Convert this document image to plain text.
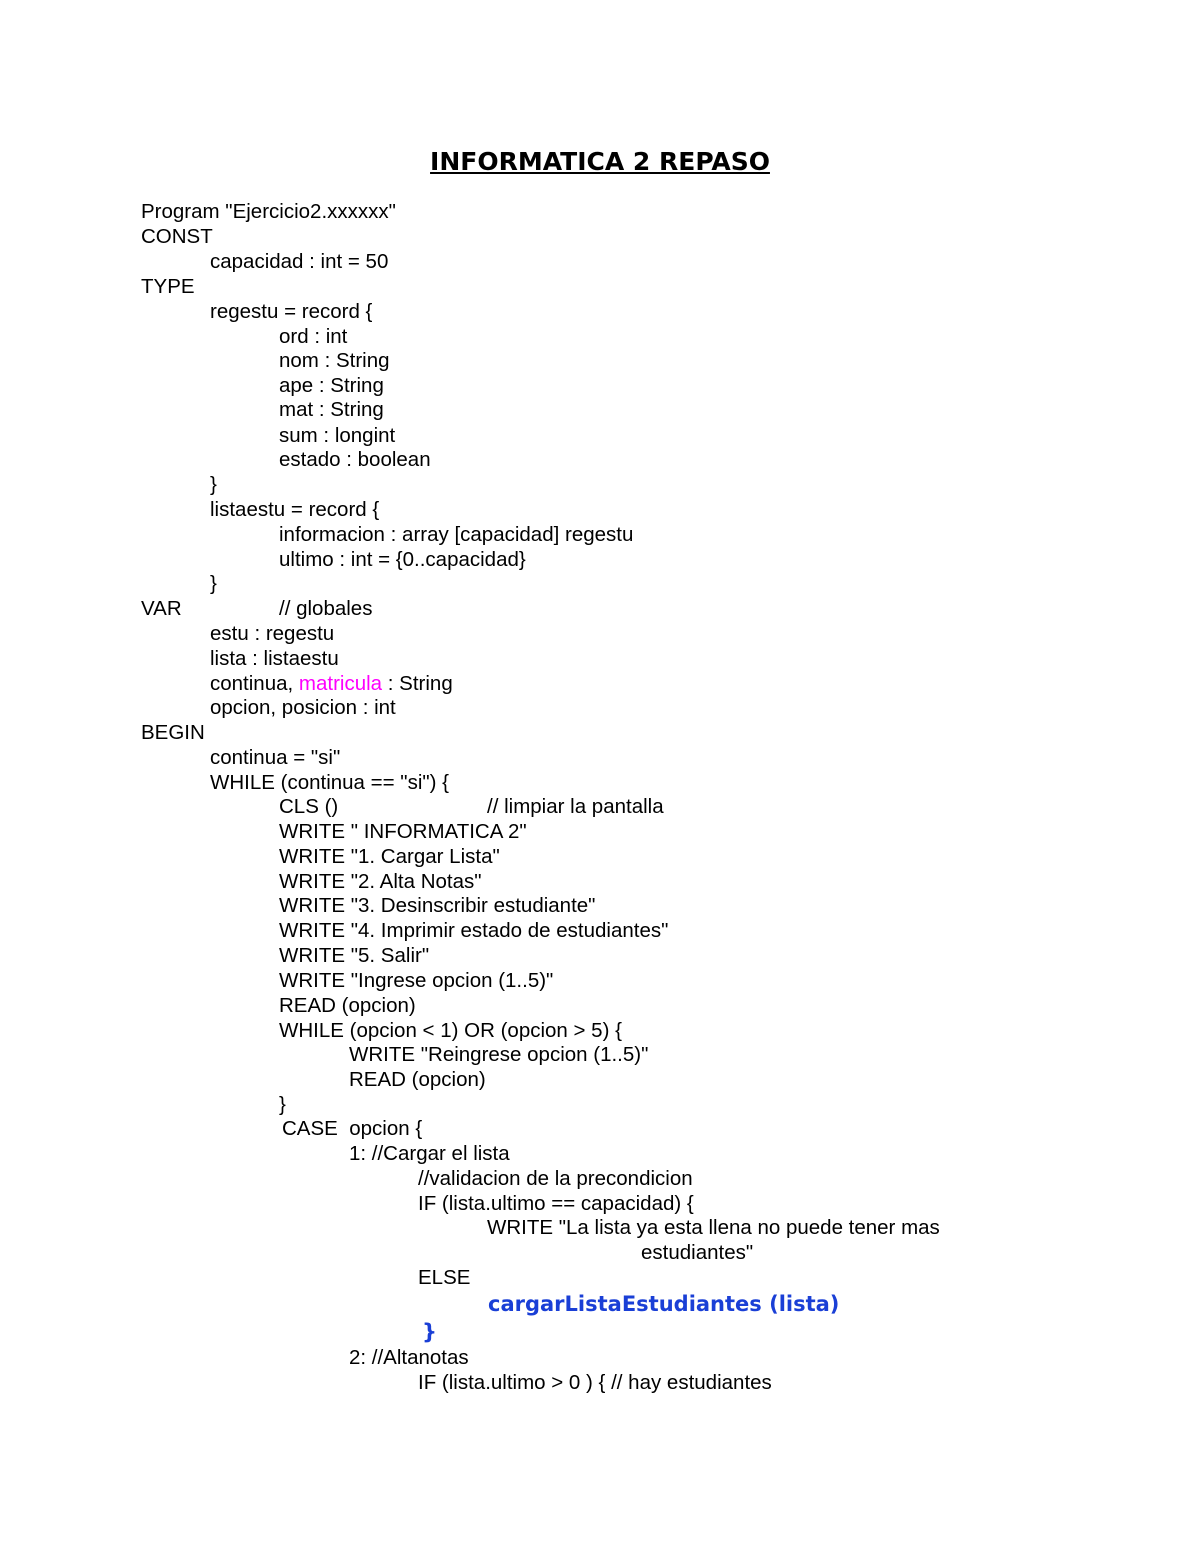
INFORMATICA 2 REPASO
Program "Ejercicio2.xxxxxx"
CONST
capacidad : int = 50
TYPE
regestu = record {
ord : int
nom : String
ape : String
mat : String
sum : longint
estado : boolean
}
listaestu = record {
informacion : array [capacidad] regestu
ultimo : int = {0..capacidad}
}
VAR	// globales
estu : regestu
lista : listaestu
continua, matricula : String
opcion, posicion : int
BEGIN
continua = "si"
WHILE (continua == "si") {
CLS ()	// limpiar la pantalla
WRITE " INFORMATICA 2"
WRITE "1. Cargar Lista"
WRITE "2. Alta Notas"
WRITE "3. Desinscribir estudiante"
WRITE "4. Imprimir estado de estudiantes"
WRITE "5. Salir"
WRITE "Ingrese opcion (1..5)"
READ (opcion)
WHILE (opcion < 1) OR (opcion > 5) {
WRITE "Reingrese opcion (1..5)"
READ (opcion)
}
CASE  opcion {
1: //Cargar el lista
//validacion de la precondicion
IF (lista.ultimo == capacidad) {
WRITE "La lista ya esta llena no puede tener mas
estudiantes"
ELSE
cargarListaEstudiantes (lista)
}
2: //Altanotas
IF (lista.ultimo > 0 ) { // hay estudiantes
